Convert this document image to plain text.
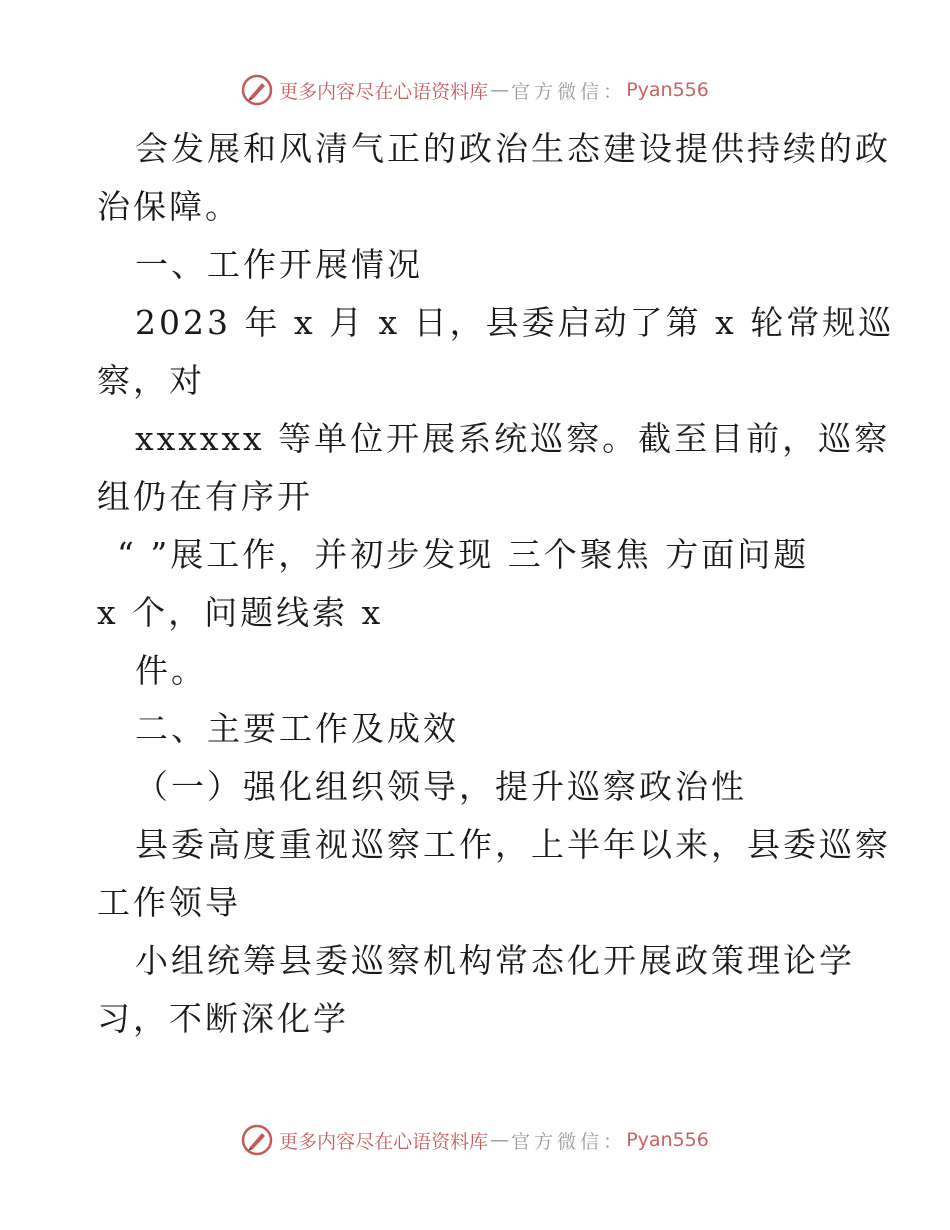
更多内容尽在心语资料库 — 官方微信： Pyan556
会发展和风清气正的政治生态建设提供持续的政
治保障。
一、工作开展情况
2023 年 x 月 x 日，县委启动了第 x 轮常规巡
察，对
xxxxxx 等单位开展系统巡察。截至目前，巡察
组仍在有序开
“ ”展工作，并初步发现 三个聚焦 方面问题
x 个，问题线索 x
件。
二、主要工作及成效
（一）强化组织领导，提升巡察政治性
县委高度重视巡察工作，上半年以来，县委巡察
工作领导
小组统筹县委巡察机构常态化开展政策理论学
习，不断深化学
更多内容尽在心语资料库 — 官方微信： Pyan556
